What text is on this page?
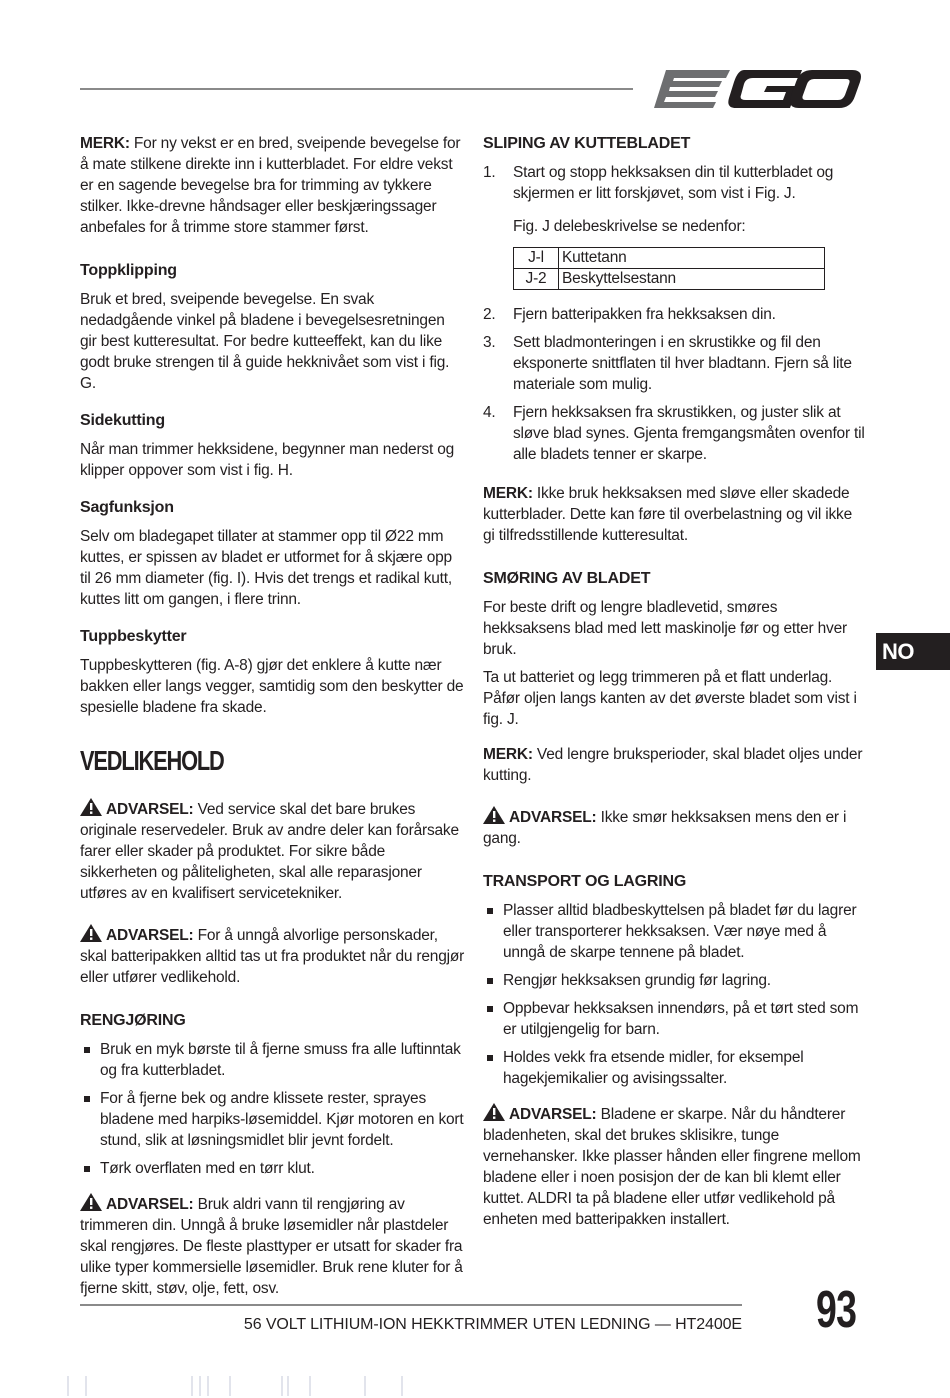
MERK: For ny vekst er en bred, sveipende bevegelse for å mate stilkene direkte inn i kutterbladet. For eldre vekst er en sagende bevegelse bra for trimming av tykkere stilker. Ikke-drevne håndsager eller beskjæringssager anbefales for å trimme store stammer først.

Toppklipping

Bruk et bred, sveipende bevegelse. En svak nedadgående vinkel på bladene i bevegelsesretningen gir best kutteresultat. For bedre kutteeffekt, kan du like godt bruke strengen til å guide hekknivået som vist i fig. G.

Sidekutting

Når man trimmer hekksidene, begynner man nederst og klipper oppover som vist i fig. H.

Sagfunksjon

Selv om bladegapet tillater at stammer opp til Ø22 mm kuttes, er spissen av bladet er utformet for å skjære opp til 26 mm diameter (fig. I). Hvis det trengs et radikal kutt, kuttes litt om gangen, i flere trinn.

Tuppbeskytter

Tuppbeskytteren (fig. A-8) gjør det enklere å kutte nær bakken eller langs vegger, samtidig som den beskytter de spesielle bladene fra skade.

VEDLIKEHOLD

ADVARSEL: Ved service skal det bare brukes originale reservedeler. Bruk av andre deler kan forårsake farer eller skader på produktet. For sikre både sikkerheten og påliteligheten, skal alle reparasjoner utføres av en kvalifisert servicetekniker.

ADVARSEL: For å unngå alvorlige personskader, skal batteripakken alltid tas ut fra produktet når du rengjør eller utfører vedlikehold.

RENGJØRING
Bruk en myk børste til å fjerne smuss fra alle luftinntak og fra kutterbladet.
For å fjerne bek og andre klissete rester, sprayes bladene med harpiks-løsemiddel. Kjør motoren en kort stund, slik at løsningsmidlet blir jevnt fordelt.
Tørk overflaten med en tørr klut.

ADVARSEL: Bruk aldri vann til rengjøring av trimmeren din. Unngå å bruke løsemidler når plastdeler skal rengjøres. De fleste plasttyper er utsatt for skader fra ulike typer kommersielle løsemidler. Bruk rene kluter for å fjerne skitt, støv, olje, fett, osv.

SLIPING AV KUTTEBLADET
1. Start og stopp hekksaksen din til kutterbladet og skjermen er litt forskjøvet, som vist i Fig. J.

Fig. J delebeskrivelse se nedenfor:

J-l	Kuttetann
J-2	Beskyttelsestann
2. Fjern batteripakken fra hekksaksen din.
3. Sett bladmonteringen i en skrustikke og fil den eksponerte snittflaten til hver bladtann. Fjern så lite materiale som mulig.
4. Fjern hekksaksen fra skrustikken, og juster slik at sløve blad synes. Gjenta fremgangsmåten ovenfor til alle bladets tenner er skarpe.

MERK: Ikke bruk hekksaksen med sløve eller skadede kutterblader. Dette kan føre til overbelastning og vil ikke gi tilfredsstillende kutteresultat.

SMØRING AV BLADET

For beste drift og lengre bladlevetid, smøres hekksaksens blad med lett maskinolje før og etter hver bruk.

Ta ut batteriet og legg trimmeren på et flatt underlag. Påfør oljen langs kanten av det øverste bladet som vist i fig. J.

MERK: Ved lengre bruksperioder, skal bladet oljes under kutting.

ADVARSEL: Ikke smør hekksaksen mens den er i gang.

TRANSPORT OG LAGRING
Plasser alltid bladbeskyttelsen på bladet før du lagrer eller transporterer hekksaksen. Vær nøye med å unngå de skarpe tennene på bladet.
Rengjør hekksaksen grundig før lagring.
Oppbevar hekksaksen innendørs, på et tørt sted som er utilgjengelig for barn.
Holdes vekk fra etsende midler, for eksempel hagekjemikalier og avisingssalter.

ADVARSEL: Bladene er skarpe. Når du håndterer bladenheten, skal det brukes sklisikre, tunge vernehansker. Ikke plasser hånden eller fingrene mellom bladene eller i noen posisjon der de kan bli klemt eller kuttet. ALDRI ta på bladene eller utfør vedlikehold på enheten med batteripakken installert.

NO
56 VOLT LITHIUM-ION HEKKTRIMMER UTEN LEDNING — HT2400E 93
